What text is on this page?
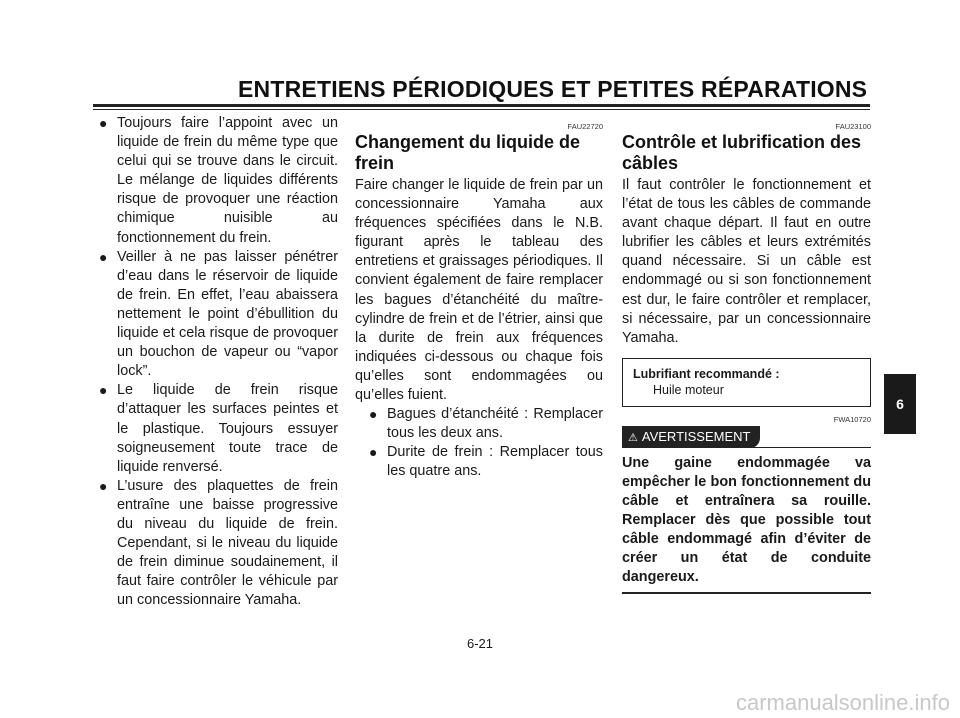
ENTRETIENS PÉRIODIQUES ET PETITES RÉPARATIONS
● Toujours faire l’appoint avec un liquide de frein du même type que celui qui se trouve dans le circuit. Le mélange de liquides différents risque de provoquer une réaction chimique nuisible au fonctionnement du frein.
● Veiller à ne pas laisser pénétrer d’eau dans le réservoir de liquide de frein. En effet, l’eau abaissera nettement le point d’ébullition du liquide et cela risque de provoquer un bouchon de vapeur ou “vapor lock”.
● Le liquide de frein risque d’attaquer les surfaces peintes et le plastique. Toujours essuyer soigneusement toute trace de liquide renversé.
● L’usure des plaquettes de frein entraîne une baisse progressive du niveau du liquide de frein. Cependant, si le niveau du liquide de frein diminue soudainement, il faut faire contrôler le véhicule par un concessionnaire Yamaha.
FAU22720
Changement du liquide de frein
Faire changer le liquide de frein par un concessionnaire Yamaha aux fréquences spécifiées dans le N.B. figurant après le tableau des entretiens et graissages périodiques. Il convient également de faire remplacer les bagues d’étanchéité du maître-cylindre de frein et de l’étrier, ainsi que la durite de frein aux fréquences indiquées ci-dessous ou chaque fois qu’elles sont endommagées ou qu’elles fuient.
● Bagues d’étanchéité : Remplacer tous les deux ans.
● Durite de frein : Remplacer tous les quatre ans.
FAU23100
Contrôle et lubrification des câbles
Il faut contrôler le fonctionnement et l’état de tous les câbles de commande avant chaque départ. Il faut en outre lubrifier les câbles et leurs extrémités quand nécessaire. Si un câble est endommagé ou si son fonctionnement est dur, le faire contrôler et remplacer, si nécessaire, par un concessionnaire Yamaha.
Lubrifiant recommandé :
Huile moteur
FWA10720
⚠ AVERTISSEMENT
Une gaine endommagée va empêcher le bon fonctionnement du câble et entraînera sa rouille. Remplacer dès que possible tout câble endommagé afin d’éviter de créer un état de conduite dangereux.
6
6-21
carmanualsonline.info
